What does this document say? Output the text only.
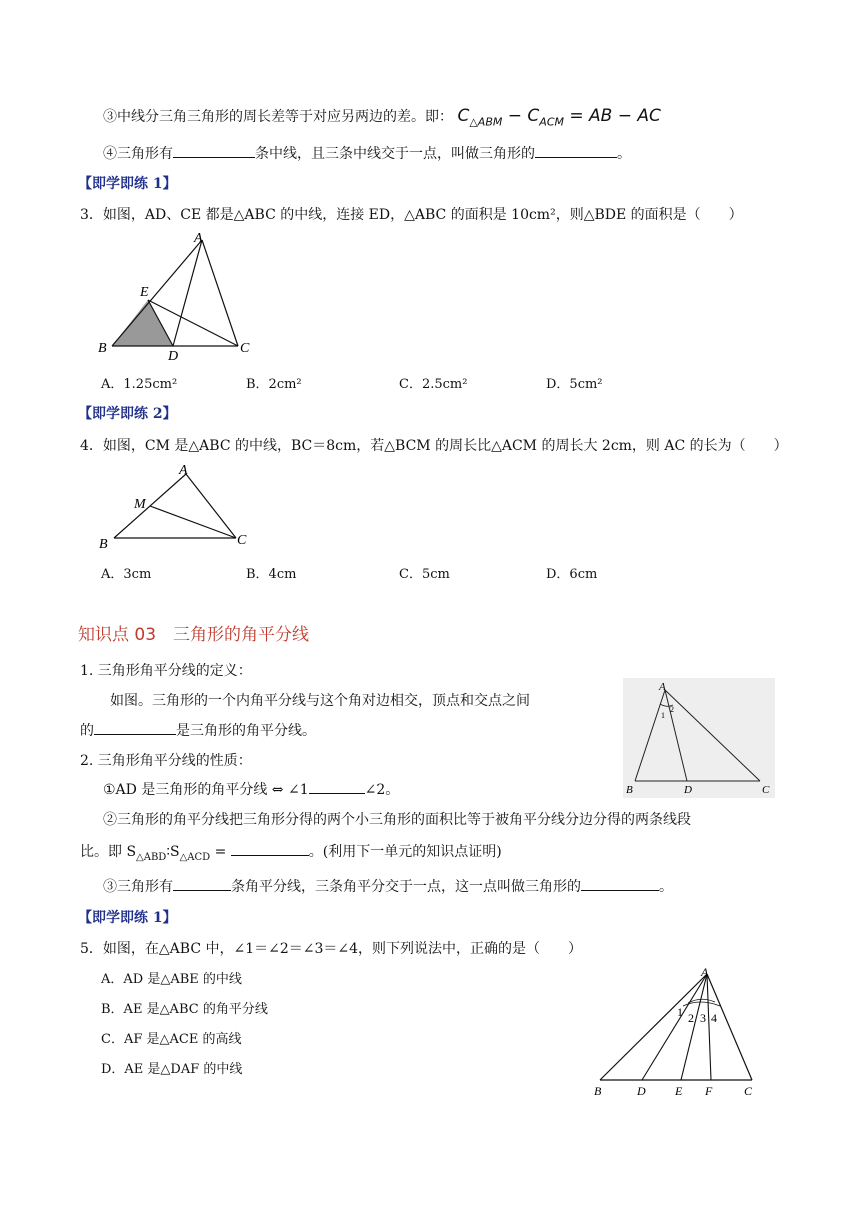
③中线分三角三角形的周长差等于对应另两边的差。即： $C_{\triangle ABM} - C_{ACM}$ = AB − AC
④三角形有	条中线，且三条中线交于一点，叫做三角形的	。
【即学即练 1】
3．如图，AD、CE 都是△ABC 的中线，连接 ED，△ABC 的面积是 10cm²，则△BDE 的面积是（　　）
A
E
B
D
C
A．1.25cm²	B．2cm²	C．2.5cm²	D．5cm²
【即学即练 2】
4．如图，CM 是△ABC 的中线，BC＝8cm，若△BCM 的周长比△ACM 的周长大 2cm，则 AC 的长为（　　）
A
M
B	C
A．3cm	B．4cm	C．5cm	D．6cm
知识点 03　三角形的角平分线
1. 三角形角平分线的定义：
如图。三角形的一个内角平分线与这个角对边相交，顶点和交点之间
的	是三角形的角平分线。
2. 三角形角平分线的性质：
①AD 是三角形的角平分线 ⇔ ∠1	∠2。
A
1
2
B	D	C
②三角形的角平分线把三角形分得的两个小三角形的面积比等于被角平分线分边分得的两条线段
比。即 $S_{\triangle ABD}∶S_{\triangle ACD}$ =	。(利用下一单元的知识点证明)
③三角形有	条角平分线，三条角平分交于一点，这一点叫做三角形的	。
【即学即练 1】
5．如图，在△ABC 中，∠1＝∠2＝∠3＝∠4，则下列说法中，正确的是（　　）
A．AD 是△ABE 的中线
B．AE 是△ABC 的角平分线
C．AF 是△ACE 的高线
D．AE 是△DAF 的中线
A
1 2 3 4
B	D E F	C
